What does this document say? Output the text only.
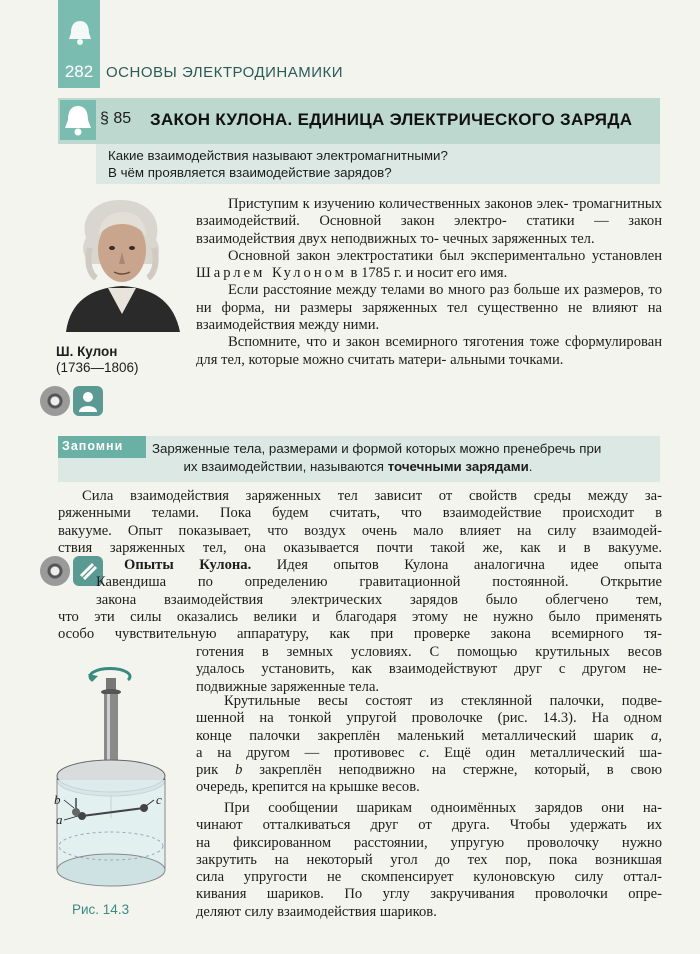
282 ОСНОВЫ ЭЛЕКТРОДИНАМИКИ
§ 85 ЗАКОН КУЛОНА. ЕДИНИЦА ЭЛЕКТРИЧЕСКОГО ЗАРЯДА
Какие взаимодействия называют электромагнитными?
В чём проявляется взаимодействие зарядов?
Ш. Кулон
(1736—1806)

Приступим к изучению количественных законов элек- тромагнитных взаимодействий. Основной закон электро- статики — закон взаимодействия двух неподвижных то- чечных заряженных тел.

Основной закон электростатики был экспериментально установлен Шарлем Кулоном в 1785 г. и носит его имя.

Если расстояние между телами во много раз больше их размеров, то ни форма, ни размеры заряженных тел существенно не влияют на взаимодействия между ними.

Вспомните, что и закон всемирного тяготения тоже сформулирован для тел, которые можно считать матери- альными точками.

Запомни Заряженные тела, размерами и формой которых можно пренебречь при
их взаимодействии, называются точечными зарядами.
Сила взаимодействия заряженных тел зависит от свойств среды между за-
ряженными телами. Пока будем считать, что взаимодействие происходит в
вакууме. Опыт показывает, что воздух очень мало влияет на силу взаимодей-
ствия заряженных тел, она оказывается почти такой же, как и в вакууме.
Опыты Кулона. Идея опытов Кулона аналогична идее опыта
Кавендиша по определению гравитационной постоянной. Открытие
закона взаимодействия электрических зарядов было облегчено тем,
что эти силы оказались велики и благодаря этому не нужно было применять
особо чувствительную аппаратуру, как при проверке закона всемирного тя-
готения в земных условиях. С помощью крутильных весов
удалось установить, как взаимодействуют друг с другом не-
подвижные заряженные тела.
Крутильные весы состоят из стеклянной палочки, подве-
шенной на тонкой упругой проволочке (рис. 14.3). На одном
конце палочки закреплён маленький металлический шарик а,
а на другом — противовес с. Ещё один металлический ша-
рик b закреплён неподвижно на стержне, который, в свою
очередь, крепится на крышке весов.
При сообщении шарикам одноимённых зарядов они на-
чинают отталкиваться друг от друга. Чтобы удержать их
на фиксированном расстоянии, упругую проволочку нужно
закрутить на некоторый угол до тех пор, пока возникшая
сила упругости не скомпенсирует кулоновскую силу оттал-
кивания шариков. По углу закручивания проволочки опре-
деляют силу взаимодействия шариков.
b	c
a
Рис. 14.3
